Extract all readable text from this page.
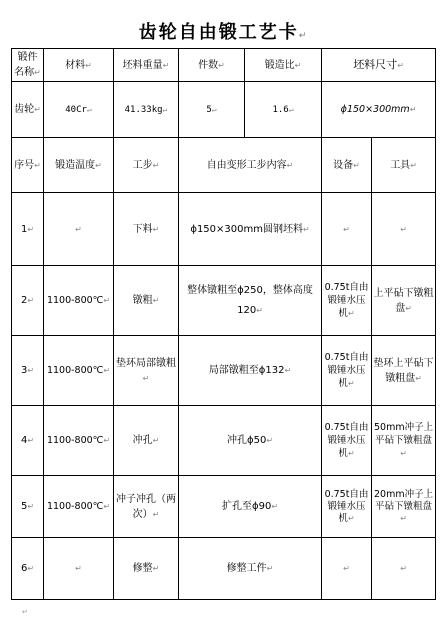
齿轮自由锻工艺卡↵
锻件名称↵	材料↵	坯料重量↵	件数↵	锻造比↵	坯料尺寸↵	
齿轮↵	40Cr↵	41.33kg↵	5↵	1.6↵	ϕ150×300mm↵	
序号↵	锻造温度↵	工步↵	自由变形工步内容↵		设备↵	工具↵
1↵	↵	下料↵	ϕ150×300mm圆钢坯料↵		↵	↵
2↵	1100-800℃↵	镦粗↵	整体镦粗至ϕ250，整体高度120↵		0.75t自由锻锤水压机↵	上平砧下镦粗盘↵
3↵	1100-800℃↵	垫环局部镦粗↵	局部镦粗至ϕ132↵		0.75t自由锻锤水压机↵	垫环上平砧下镦粗盘↵
4↵	1100-800℃↵	冲孔↵	冲孔ϕ50↵		0.75t自由锻锤水压机↵	50mm冲子上平砧下镦粗盘↵
5↵	1100-800℃↵	冲子冲孔（两次）↵	扩孔至ϕ90↵		0.75t自由锻锤水压机↵	20mm冲子上平砧下镦粗盘↵
6↵	↵	修整↵	修整工件↵		↵	↵
↵
